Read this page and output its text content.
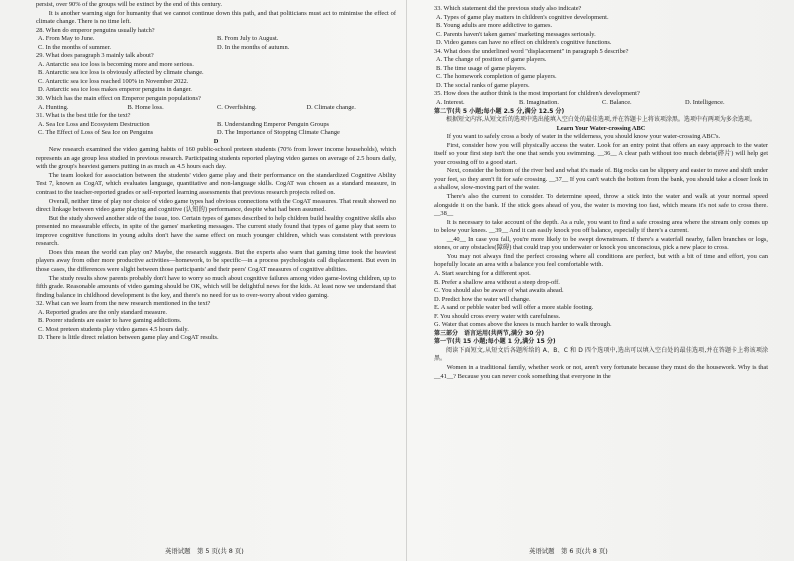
persist, over 90% of the groups will be extinct by the end of this century.

It is another warning sign for humanity that we cannot continue down this path, and that politicians must act to minimise the effect of climate change. There is no time left.

28. When do emperor penguins usually hatch?

A. From May to June.	B. From July to August.
C. In the months of summer.	D. In the months of autumn.

29. What does paragraph 3 mainly talk about?

A. Antarctic sea ice loss is becoming more and more serious.

B. Antarctic sea ice loss is obviously affected by climate change.

C. Antarctic sea ice loss reached 100% in November 2022.

D. Antarctic sea ice loss makes emperor penguins in danger.

30. Which has the main effect on Emperor penguin populations?

A. Hunting.	B. Home loss.	C. Overfishing.	D. Climate change.

31. What is the best title for the text?

A. Sea Ice Loss and Ecosystem Destruction	B. Understanding Emperor Penguin Groups
C. The Effect of Loss of Sea Ice on Penguins	D. The Importance of Stopping Climate Change

D

New research examined the video gaming habits of 160 public-school preteen students (70% from lower income households), which represents an age group less studied in previous research. Participating students reported playing video games on average of 2.5 hours daily, with the group's heaviest gamers putting in as much as 4.5 hours each day.

The team looked for association between the students' video game play and their performance on the standardized Cognitive Ability Test 7, known as CogAT, which evaluates language, quantitative and non-language skills. CogAT was chosen as a standard measure, in contrast to the teacher-reported grades or self-reported learning assessments that previous research projects relied on.

Overall, neither time of play nor choice of video game types had obvious connections with the CogAT measures. That result showed no direct linkage between video game playing and cognitive (认知的) performance, despite what had been assumed.

But the study showed another side of the issue, too. Certain types of games described to help children build healthy cognitive skills also presented no measurable effects, in spite of the games' marketing messages. The current study found that types of game play that seem to improve cognitive functions in young adults don't have the same effect on much younger children, which was consistent with previous research.

Does this mean the world can play on? Maybe, the research suggests. But the experts also warn that gaming time took the heaviest players away from other more productive activities—homework, to be specific—in a process psychologists call displacement. But even in those cases, the differences were slight between those participants' and their peers' CogAT measures of cognitive abilities.

The study results show parents probably don't have to worry so much about cognitive failures among video game-loving children, up to fifth grade. Reasonable amounts of video gaming should be OK, which will be delightful news for the kids. At least now we understand that finding balance in childhood development is the key, and there's no need for us to over-worry about video gaming.

32. What can we learn from the new research mentioned in the text?

A. Reported grades are the only standard measure.

B. Poorer students are easier to have gaming addictions.

C. Most preteen students play video games 4.5 hours daily.

D. There is little direct relation between game play and CogAT results.

英语试题　第 5 页(共 8 页)

33. Which statement did the previous study also indicate?

A. Types of game play matters in children's cognitive development.

B. Young adults are more addictive to games.

C. Parents haven't taken games' marketing messages seriously.

D. Video games can have no effect on children's cognitive functions.

34. What does the underlined word "displacement" in paragraph 5 describe?

A. The change of position of game players.

B. The time usage of game players.

C. The homework completion of game players.

D. The social ranks of game players.

35. How does the author think is the most important for children's development?

A. Interest.	B. Imagination.	C. Balance.	D. Intelligence.

第二节(共 5 小题;每小题 2.5 分,满分 12.5 分)

根据短文内容,从短文后的选项中选出能填入空白处的最佳选项,并在答题卡上将该项涂黑。选项中有两项为多余选项。

Learn Your Water-crossing ABC

If you want to safely cross a body of water in the wilderness, you should know your water-crossing ABC's.

First, consider how you will physically access the water. Look for an entry point that offers an easy approach to the water itself so your first step isn't the one that sends you swimming. __36__ A clear path without too much debris(碎片) will help get your crossing off to a good start.

Next, consider the bottom of the river bed and what it's made of. Big rocks can be slippery and easier to move and shift under your feet, so they aren't fit for safe crossing. __37__ If you can't watch the bottom from the bank, you should take a closer look in a shallow, slow-moving part of the water.

There's also the current to consider. To determine speed, throw a stick into the water and walk at your normal speed alongside it on the bank. If the stick goes ahead of you, the water is moving too fast, which means it's not safe to cross there. __38__

It is necessary to take account of the depth. As a rule, you want to find a safe crossing area where the stream only comes up to below your knees. __39__ And it can easily knock you off balance, especially if there's a current.

__40__ In case you fall, you're more likely to be swept downstream. If there's a waterfall nearby, fallen branches or logs, stones, or any obstacles(障碍) that could trap you underwater or knock you unconscious, pick a new place to cross.

You may not always find the perfect crossing where all conditions are perfect, but with a bit of time and effort, you can hopefully locate an area with a balance you feel comfortable with.

A. Start searching for a different spot.

B. Prefer a shallow area without a steep drop-off.

C. You should also be aware of what awaits ahead.

D. Predict how the water will change.

E. A sand or pebble water bed will offer a more stable footing.

F. You should cross every water with carefulness.

G. Water that comes above the knees is much harder to walk through.

第三部分　语言运用(共两节,满分 30 分)

第一节(共 15 小题;每小题 1 分,满分 15 分)

阅读下面短文,从短文后各题所给的 A、B、C 和 D 四个选项中,选出可以填入空白处的最佳选项,并在答题卡上将该项涂黑。

Women in a traditional family, whether work or not, aren't very fortunate because they must do the housework. Why is that __41__? Because you can never cook something that everyone in the

英语试题　第 6 页(共 8 页)
